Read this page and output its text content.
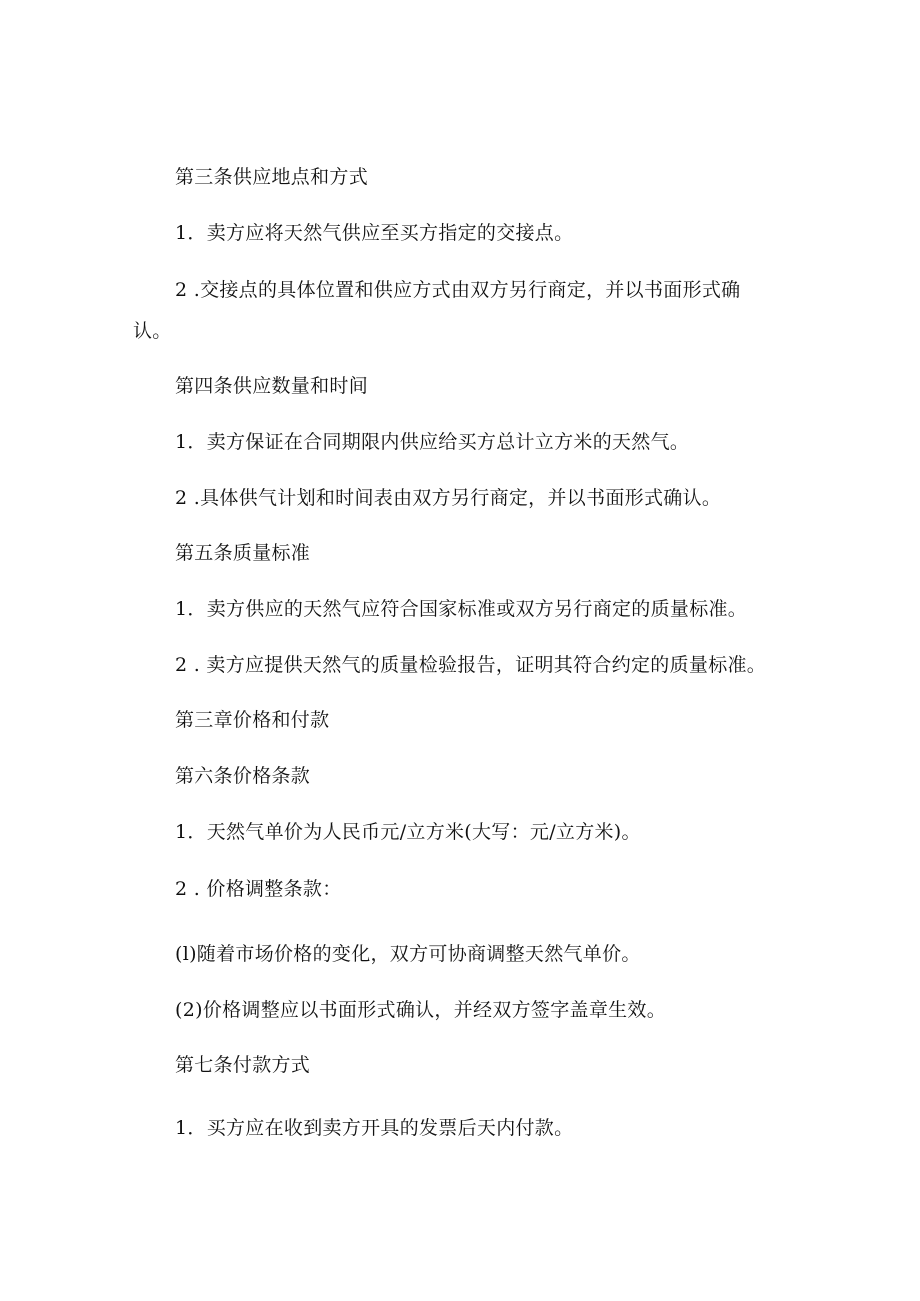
第三条供应地点和方式
1．卖方应将天然气供应至买方指定的交接点。
2 .交接点的具体位置和供应方式由双方另行商定，并以书面形式确
认。
第四条供应数量和时间
1．卖方保证在合同期限内供应给买方总计立方米的天然气。
2 .具体供气计划和时间表由双方另行商定，并以书面形式确认。
第五条质量标准
1．卖方供应的天然气应符合国家标准或双方另行商定的质量标准。
2 . 卖方应提供天然气的质量检验报告，证明其符合约定的质量标准。
第三章价格和付款
第六条价格条款
1．天然气单价为人民币元/立方米(大写：元/立方米)。
2 . 价格调整条款：
(l)随着市场价格的变化，双方可协商调整天然气单价。
(2)价格调整应以书面形式确认，并经双方签字盖章生效。
第七条付款方式
1．买方应在收到卖方开具的发票后天内付款。
